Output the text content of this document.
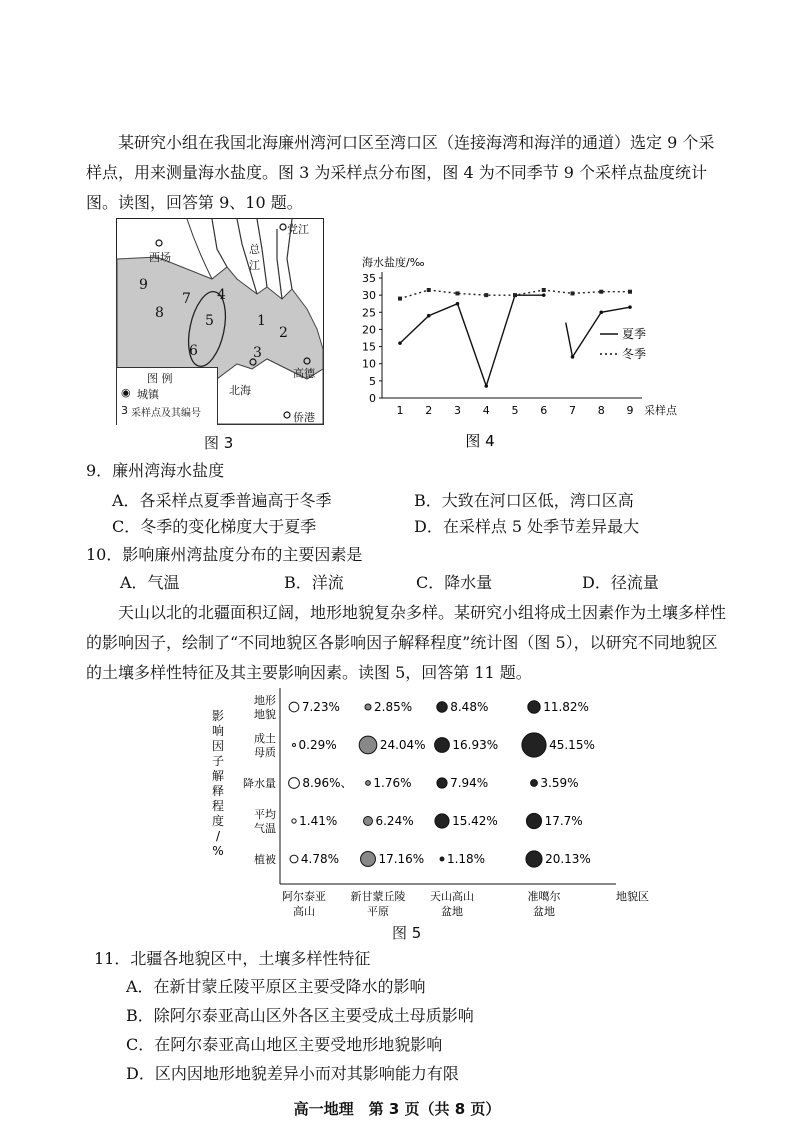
某研究小组在我国北海廉州湾河口区至湾口区（连接海湾和海洋的通道）选定 9 个采样点，用来测量海水盐度。图 3 为采样点分布图，图 4 为不同季节 9 个采样点盐度统计图。读图，回答第 9、10 题。
西场
党江
总
江
高德
北海
侨港
9
8
7
6
5
4
3
2
1
图 例
◉ 城镇
3 采样点及其编号
图 3
海水盐度/‰
0
5
10
15
20
25
30
35
1 2 3 4 5 6 7 8 9 采样点
夏季
冬季
图 4
9．廉州湾海水盐度
A．各采样点夏季普遍高于冬季	B．大致在河口区低，湾口区高
C．冬季的变化梯度大于夏季	D．在采样点 5 处季节差异最大
10．影响廉州湾盐度分布的主要因素是
A．气温	B．洋流	C．降水量	D．径流量
天山以北的北疆面积辽阔，地形地貌复杂多样。某研究小组将成土因素作为土壤多样性的影响因子，绘制了“不同地貌区各影响因子解释程度”统计图（图 5），以研究不同地貌区的土壤多样性特征及其主要影响因素。读图 5，回答第 11 题。
影
响
因
子
解
释
程
度
/
%
地形
地貌
7.23%	2.85%	8.48%	11.82%
成土
母质
0.29%	24.04% 16.93%	45.15%
降水量 8.96%、 1.76%	7.94%	3.59%
平均
气温
1.41%	6.24%	15.42%	17.7%
植被 4.78%	17.16% 1.18%	20.13%
阿尔泰亚
高山
新甘蒙丘陵
平原
天山高山
盆地
准噶尔
盆地
地貌区
图 5
11．北疆各地貌区中，土壤多样性特征
A．在新甘蒙丘陵平原区主要受降水的影响
B．除阿尔泰亚高山区外各区主要受成土母质影响
C．在阿尔泰亚高山地区主要受地形地貌影响
D．区内因地形地貌差异小而对其影响能力有限
高一地理　第 3 页（共 8 页）
